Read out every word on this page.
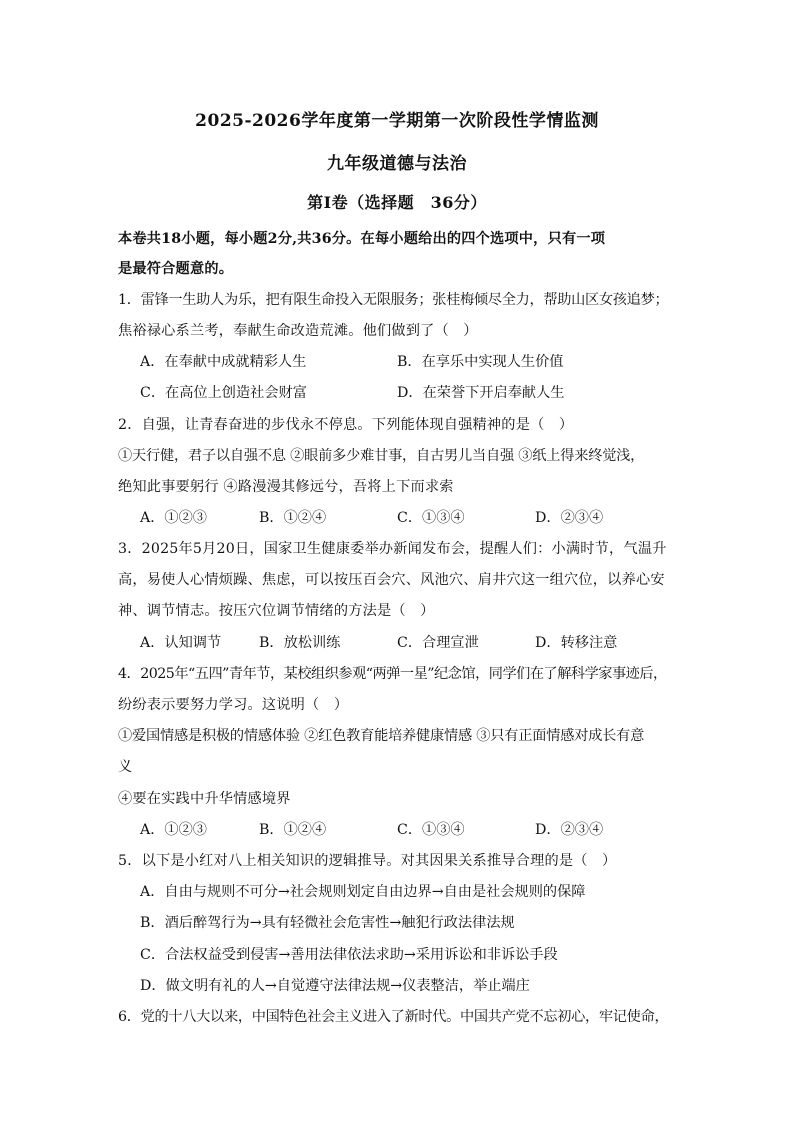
2025-2026学年度第一学期第一次阶段性学情监测
九年级道德与法治
第Ⅰ卷（选择题　36分）
本卷共18小题，每小题2分,共36分。在每小题给出的四个选项中，只有一项
是最符合题意的。
1．雷锋一生助人为乐，把有限生命投入无限服务；张桂梅倾尽全力，帮助山区女孩追梦；
焦裕禄心系兰考，奉献生命改造荒滩。他们做到了（　）
A．在奉献中成就精彩人生	B．在享乐中实现人生价值
C．在高位上创造社会财富	D．在荣誉下开启奉献人生
2．自强，让青春奋进的步伐永不停息。下列能体现自强精神的是（　）
①天行健，君子以自强不息 ②眼前多少难甘事，自古男儿当自强 ③纸上得来终觉浅，
绝知此事要躬行 ④路漫漫其修远兮，吾将上下而求索
A．①②③	B．①②④	C．①③④	D．②③④
3．2025年5月20日，国家卫生健康委举办新闻发布会，提醒人们：小满时节，气温升
高，易使人心情烦躁、焦虑，可以按压百会穴、风池穴、肩井穴这一组穴位，以养心安
神、调节情志。按压穴位调节情绪的方法是（　）
A．认知调节	B．放松训练	C．合理宣泄	D．转移注意
4．2025年“五四”青年节，某校组织参观“两弹一星”纪念馆，同学们在了解科学家事迹后，
纷纷表示要努力学习。这说明（　）
①爱国情感是积极的情感体验 ②红色教育能培养健康情感 ③只有正面情感对成长有意
义
④要在实践中升华情感境界
A．①②③	B．①②④	C．①③④	D．②③④
5．以下是小红对八上相关知识的逻辑推导。对其因果关系推导合理的是（　）
A．自由与规则不可分→社会规则划定自由边界→自由是社会规则的保障
B．酒后醉驾行为→具有轻微社会危害性→触犯行政法律法规
C．合法权益受到侵害→善用法律依法求助→采用诉讼和非诉讼手段
D．做文明有礼的人→自觉遵守法律法规→仪表整洁，举止端庄
6．党的十八大以来，中国特色社会主义进入了新时代。中国共产党不忘初心，牢记使命，
